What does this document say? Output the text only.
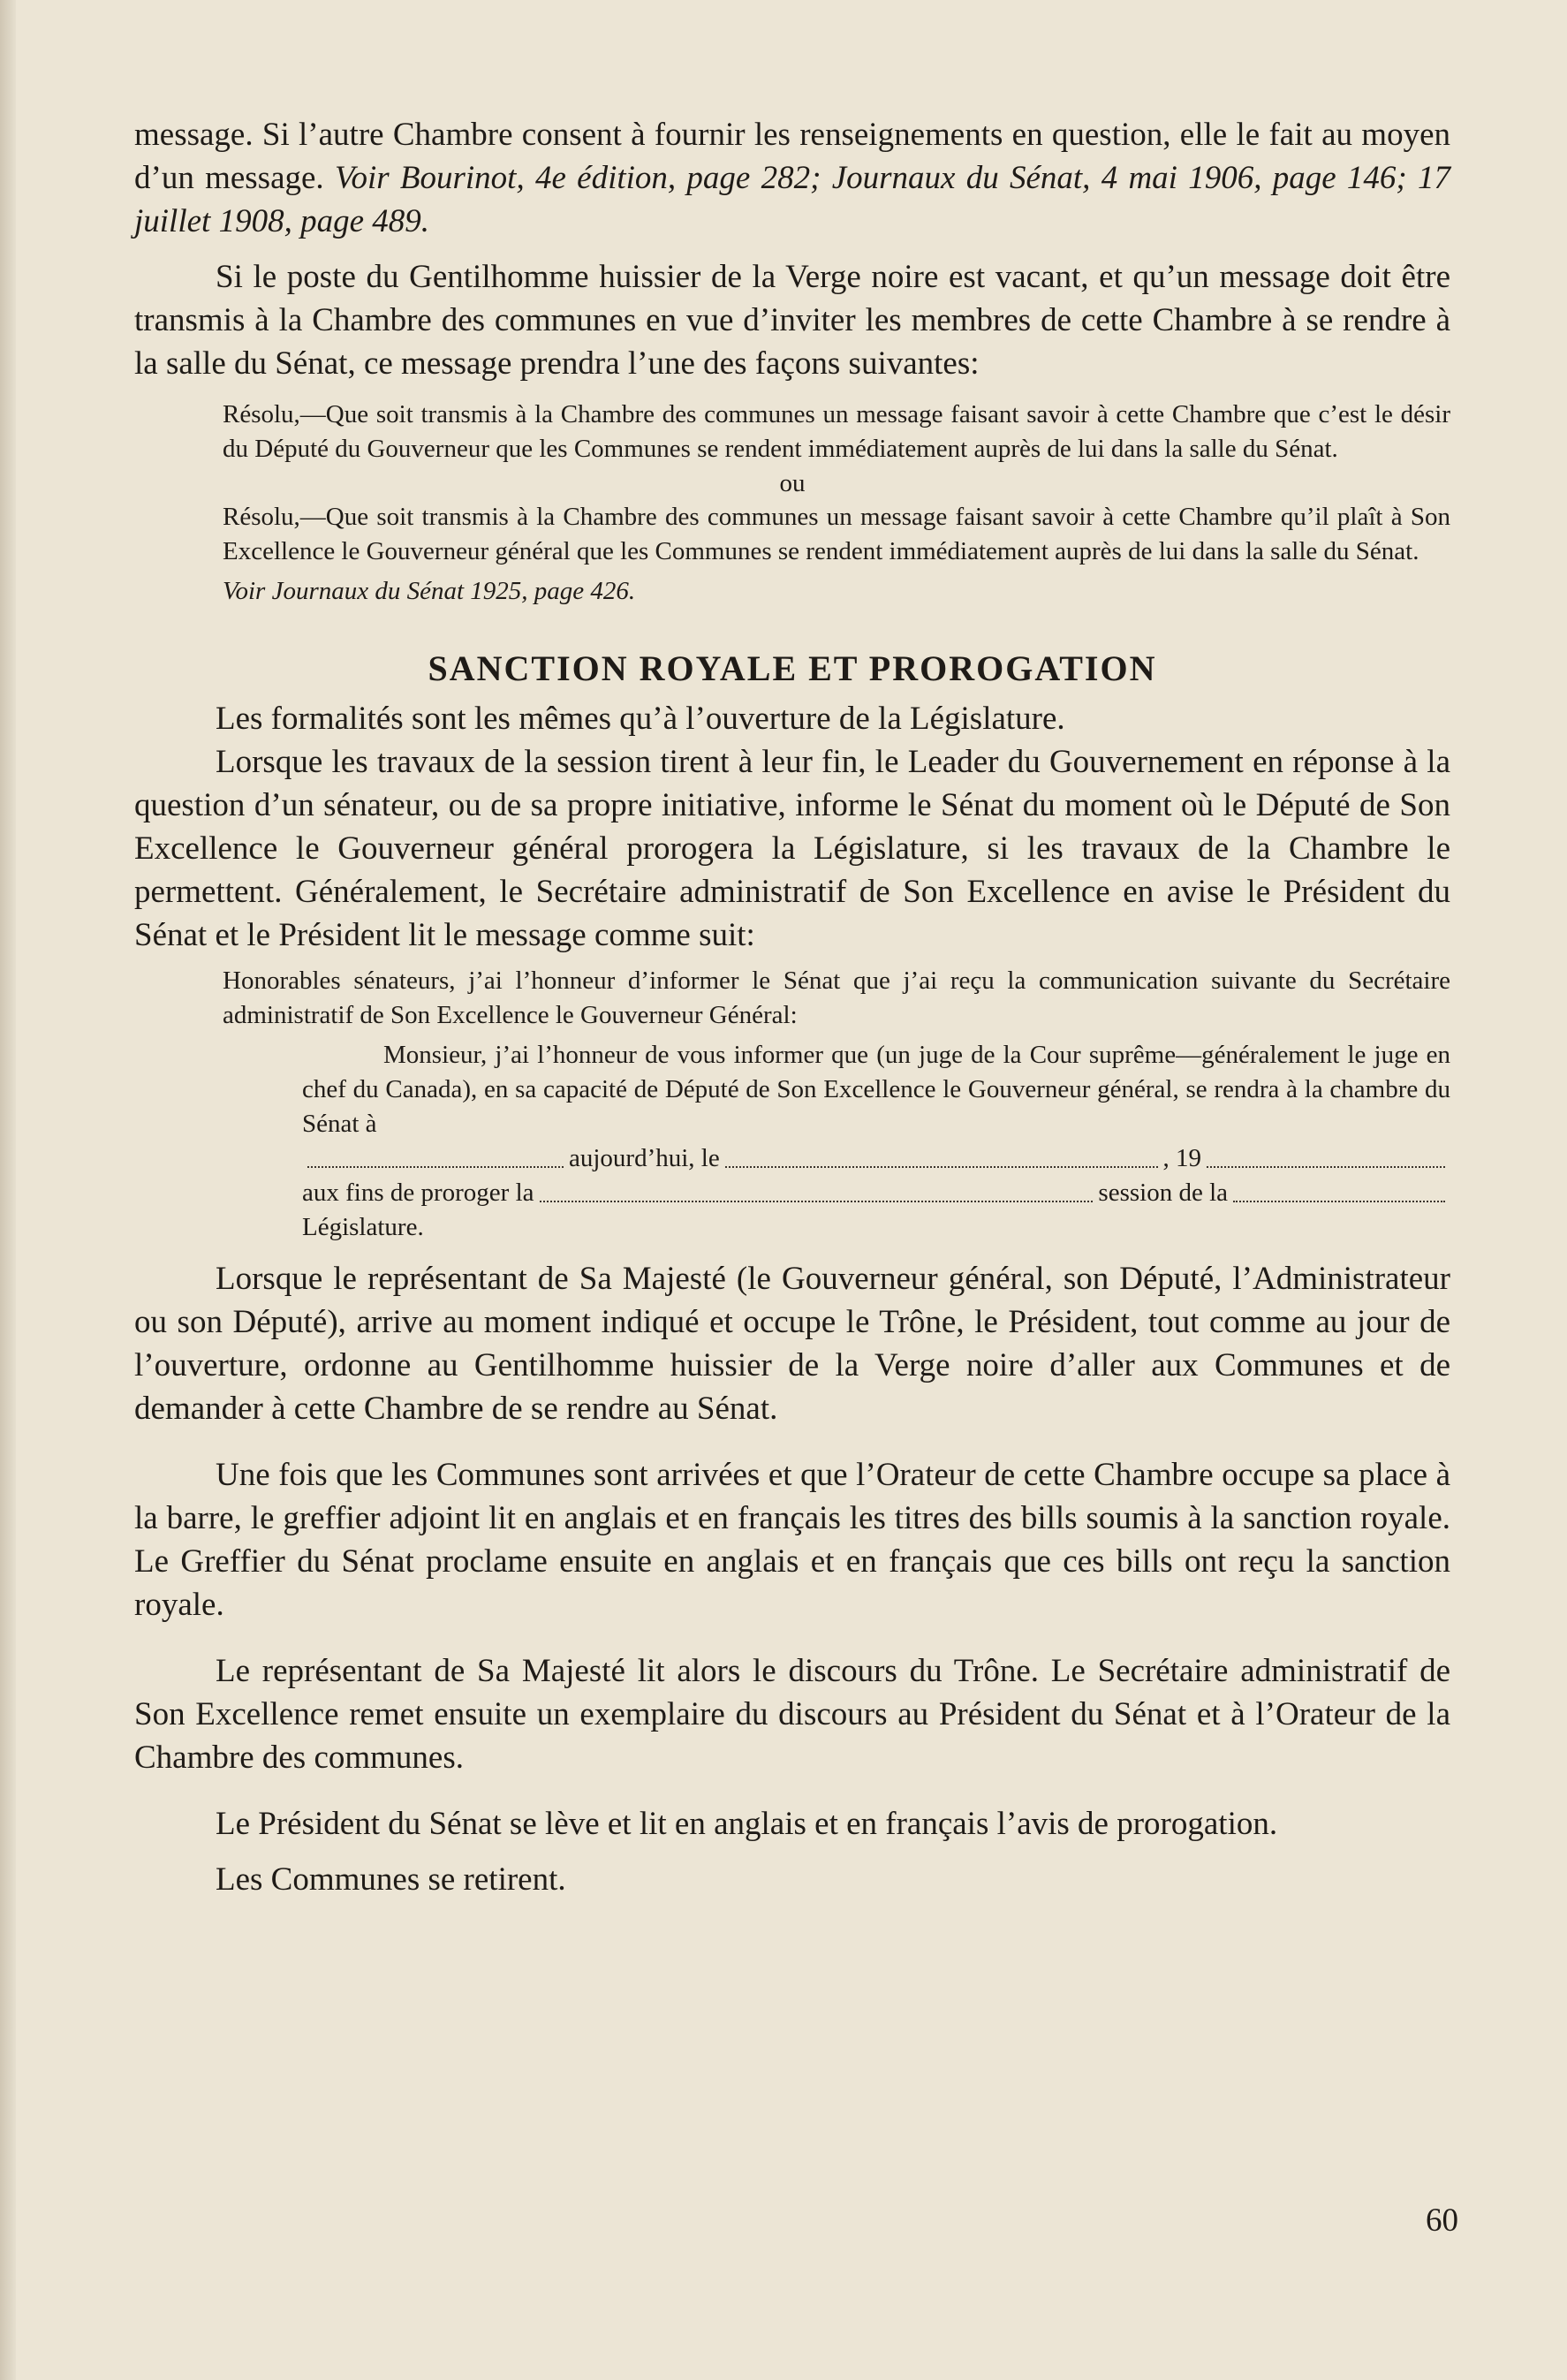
message. Si l’autre Chambre consent à fournir les renseignements en question, elle le fait au moyen d’un message. Voir Bourinot, 4e édition, page 282; Journaux du Sénat, 4 mai 1906, page 146; 17 juillet 1908, page 489.

Si le poste du Gentilhomme huissier de la Verge noire est vacant, et qu’un message doit être transmis à la Chambre des communes en vue d’inviter les membres de cette Chambre à se rendre à la salle du Sénat, ce message prendra l’une des façons suivantes:

Résolu,—Que soit transmis à la Chambre des communes un message faisant savoir à cette Chambre que c’est le désir du Député du Gouverneur que les Communes se rendent immédiatement auprès de lui dans la salle du Sénat.

ou

Résolu,—Que soit transmis à la Chambre des communes un message faisant savoir à cette Chambre qu’il plaît à Son Excellence le Gouverneur général que les Communes se rendent immédiatement auprès de lui dans la salle du Sénat.

Voir Journaux du Sénat 1925, page 426.

SANCTION ROYALE ET PROROGATION

Les formalités sont les mêmes qu’à l’ouverture de la Législature.

Lorsque les travaux de la session tirent à leur fin, le Leader du Gouvernement en réponse à la question d’un sénateur, ou de sa propre initiative, informe le Sénat du moment où le Député de Son Excellence le Gouverneur général prorogera la Législature, si les travaux de la Chambre le permettent. Généralement, le Secrétaire administratif de Son Excellence en avise le Président du Sénat et le Président lit le message comme suit:

Honorables sénateurs, j’ai l’honneur d’informer le Sénat que j’ai reçu la communication suivante du Secrétaire administratif de Son Excellence le Gouverneur Général:

Monsieur, j’ai l’honneur de vous informer que (un juge de la Cour suprême—généralement le juge en chef du Canada), en sa capacité de Député de Son Excellence le Gouverneur général, se rendra à la chambre du Sénat à

aujourd’hui, le	, 19
aux fins de proroger la	session de la

Législature.

Lorsque le représentant de Sa Majesté (le Gouverneur général, son Député, l’Administrateur ou son Député), arrive au moment indiqué et occupe le Trône, le Président, tout comme au jour de l’ouverture, ordonne au Gentilhomme huissier de la Verge noire d’aller aux Communes et de demander à cette Chambre de se rendre au Sénat.

Une fois que les Communes sont arrivées et que l’Orateur de cette Chambre occupe sa place à la barre, le greffier adjoint lit en anglais et en français les titres des bills soumis à la sanction royale. Le Greffier du Sénat proclame ensuite en anglais et en français que ces bills ont reçu la sanction royale.

Le représentant de Sa Majesté lit alors le discours du Trône. Le Secrétaire administratif de Son Excellence remet ensuite un exemplaire du discours au Président du Sénat et à l’Orateur de la Chambre des communes.

Le Président du Sénat se lève et lit en anglais et en français l’avis de prorogation.

Les Communes se retirent.

60
